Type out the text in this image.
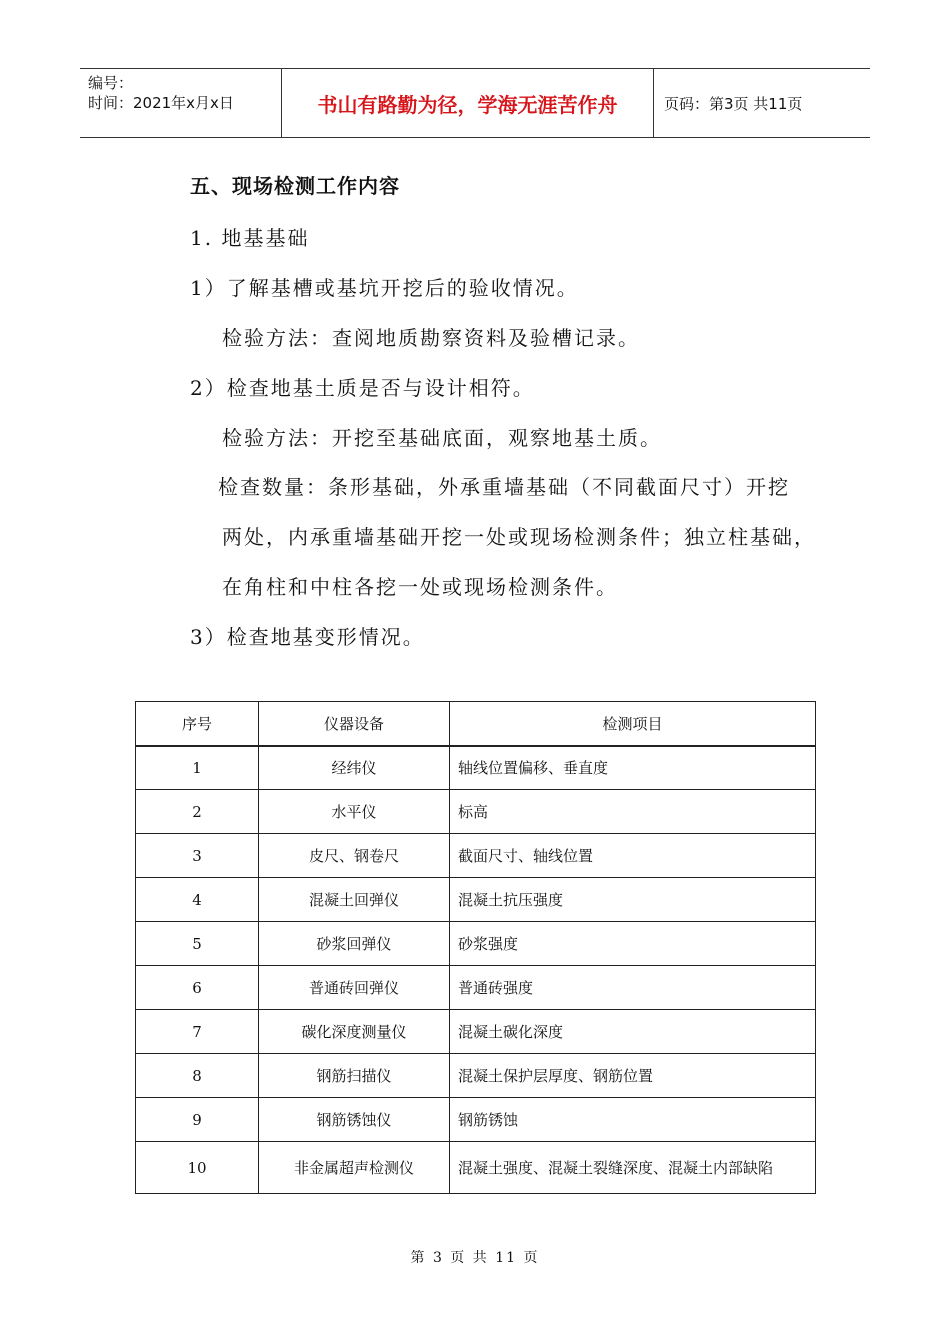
编号：
时间：2021年x月x日	书山有路勤为径，学海无涯苦作舟	页码：第3页 共11页
五、现场检测工作内容
1. 地基基础
1）了解基槽或基坑开挖后的验收情况。
检验方法：查阅地质勘察资料及验槽记录。
2）检查地基土质是否与设计相符。
检验方法：开挖至基础底面，观察地基土质。
检查数量：条形基础，外承重墙基础（不同截面尺寸）开挖
两处，内承重墙基础开挖一处或现场检测条件；独立柱基础，
在角柱和中柱各挖一处或现场检测条件。
3）检查地基变形情况。
序号	仪器设备	检测项目
1	经纬仪	轴线位置偏移、垂直度
2	水平仪	标高
3	皮尺、钢卷尺	截面尺寸、轴线位置
4	混凝土回弹仪	混凝土抗压强度
5	砂浆回弹仪	砂浆强度
6	普通砖回弹仪	普通砖强度
7	碳化深度测量仪	混凝土碳化深度
8	钢筋扫描仪	混凝土保护层厚度、钢筋位置
9	钢筋锈蚀仪	钢筋锈蚀
10	非金属超声检测仪	混凝土强度、混凝土裂缝深度、混凝土内部缺陷
第 3 页 共 11 页
